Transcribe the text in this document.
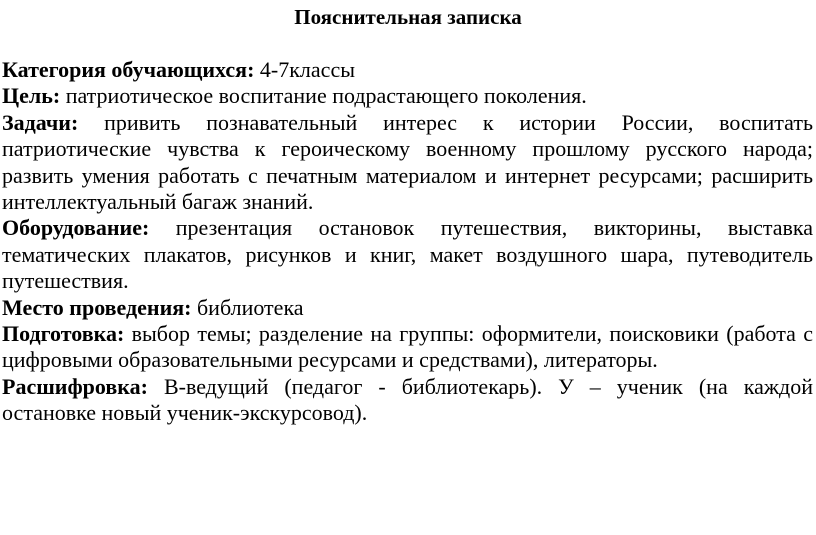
Пояснительная записка

Категория обучающихся: 4-7классы

Цель: патриотическое воспитание подрастающего поколения.

Задачи: привить познавательный интерес к истории России, воспитать патриотические чувства к героическому военному прошлому русского народа; развить умения работать с печатным материалом и интернет ресурсами; расширить интеллектуальный багаж знаний.

Оборудование: презентация остановок путешествия, викторины, выставка тематических плакатов, рисунков и книг, макет воздушного шара, путеводитель путешествия.

Место проведения: библиотека

Подготовка: выбор темы; разделение на группы: оформители, поисковики (работа с цифровыми образовательными ресурсами и средствами), литераторы.

Расшифровка: В-ведущий (педагог - библиотекарь). У – ученик (на каждой остановке новый ученик-экскурсовод).
